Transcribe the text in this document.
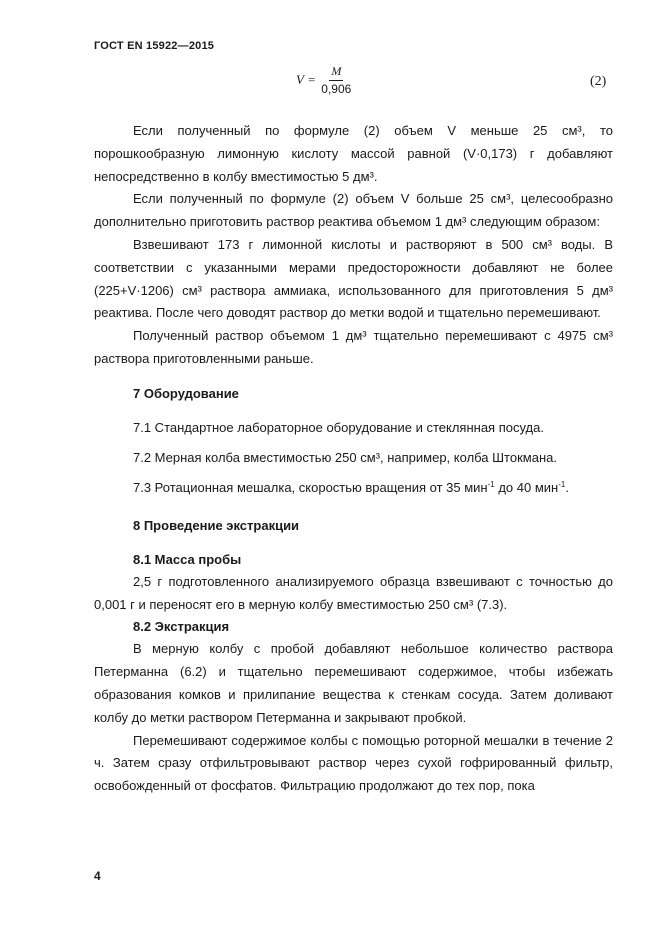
ГОСТ EN 15922—2015
$V = \frac{M}{0,906}$	(2)

Если полученный по формуле (2) объем V меньше 25 см³, то порошкообразную лимонную кислоту массой равной (V·0,173) г добавляют непосредственно в колбу вместимостью 5 дм³.

Если полученный по формуле (2) объем V больше 25 см³, целесообразно дополнительно приготовить раствор реактива объемом 1 дм³ следующим образом:

Взвешивают 173 г лимонной кислоты и растворяют в 500 см³ воды. В соответствии с указанными мерами предосторожности добавляют не более (225+V·1206) см³ раствора аммиака, использованного для приготовления 5 дм³ реактива. После чего доводят раствор до метки водой и тщательно перемешивают.

Полученный раствор объемом 1 дм³ тщательно перемешивают с 4975 см³ раствора приготовленными раньше.

7 Оборудование
7.1 Стандартное лабораторное оборудование и стеклянная посуда.
7.2 Мерная колба вместимостью 250 см³, например, колба Штокмана.
7.3 Ротационная мешалка, скоростью вращения от 35 мин$^{-1}$ до 40 мин$^{-1}$.
8 Проведение экстракции
8.1 Масса пробы

2,5 г подготовленного анализируемого образца взвешивают с точностью до 0,001 г и переносят его в мерную колбу вместимостью 250 см³ (7.3).

8.2 Экстракция

В мерную колбу с пробой добавляют небольшое количество раствора Петерманна (6.2) и тщательно перемешивают содержимое, чтобы избежать образования комков и прилипание вещества к стенкам сосуда. Затем доливают колбу до метки раствором Петерманна и закрывают пробкой.

Перемешивают содержимое колбы с помощью роторной мешалки в течение 2 ч. Затем сразу отфильтровывают раствор через сухой гофрированный фильтр, освобожденный от фосфатов. Фильтрацию продолжают до тех пор, пока

4
